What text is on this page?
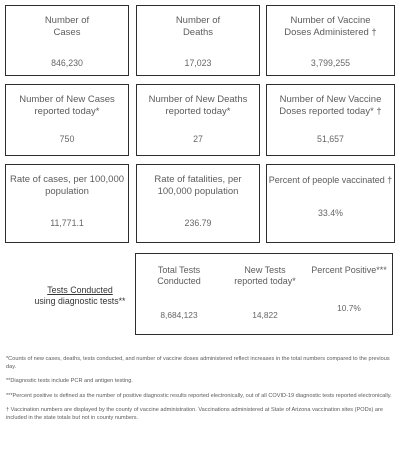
Number of
Cases
846,230
Number of
Deaths
17,023
Number of Vaccine
Doses Administered †
3,799,255
Number of New Cases
reported today*
750
Number of New Deaths
reported today*
27
Number of New Vaccine
Doses reported today* †
51,657
Rate of cases, per 100,000
population
11,771.1
Rate of fatalities, per
100,000 population
236.79
Percent of people vaccinated †
33.4%
Tests Conducted
using diagnostic tests**
Total Tests
Conducted
8,684,123
New Tests
reported today*
14,822
Percent Positive***
10.7%

*Counts of new cases, deaths, tests conducted, and number of vaccine doses administered reflect increases in the total numbers compared to the previous day.

**Diagnostic tests include PCR and antigen testing.

***Percent positive is defined as the number of positive diagnostic results reported electronically, out of all COVID-19 diagnostic tests reported electronically.

† Vaccination numbers are displayed by the county of vaccine administration. Vaccinations administered at State of Arizona vaccination sites (PODs) are included in the state totals but not in county numbers.
